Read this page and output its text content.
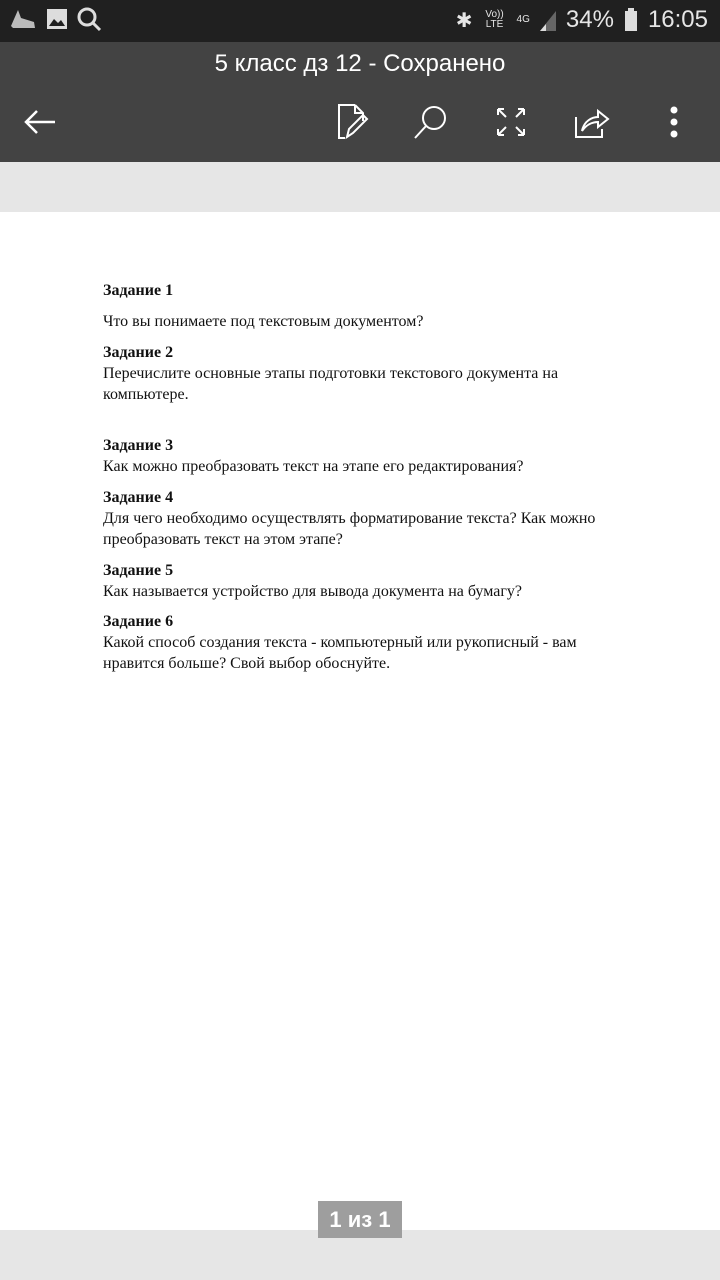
✱ Vo)) LTE	4G 34% 16:05
5 класс дз 12 - Сохранено
Задание 1
Что вы понимаете под текстовым документом?
Задание 2
Перечислите основные этапы подготовки текстового документа на
компьютере.
Задание 3
Как можно преобразовать текст на этапе его редактирования?
Задание 4
Для чего необходимо осуществлять форматирование текста? Как можно
преобразовать текст на этом этапе?
Задание 5
Как называется устройство для вывода документа на бумагу?
Задание 6
Какой способ создания текста - компьютерный или рукописный - вам
нравится больше? Свой выбор обоснуйте.
1 из 1
